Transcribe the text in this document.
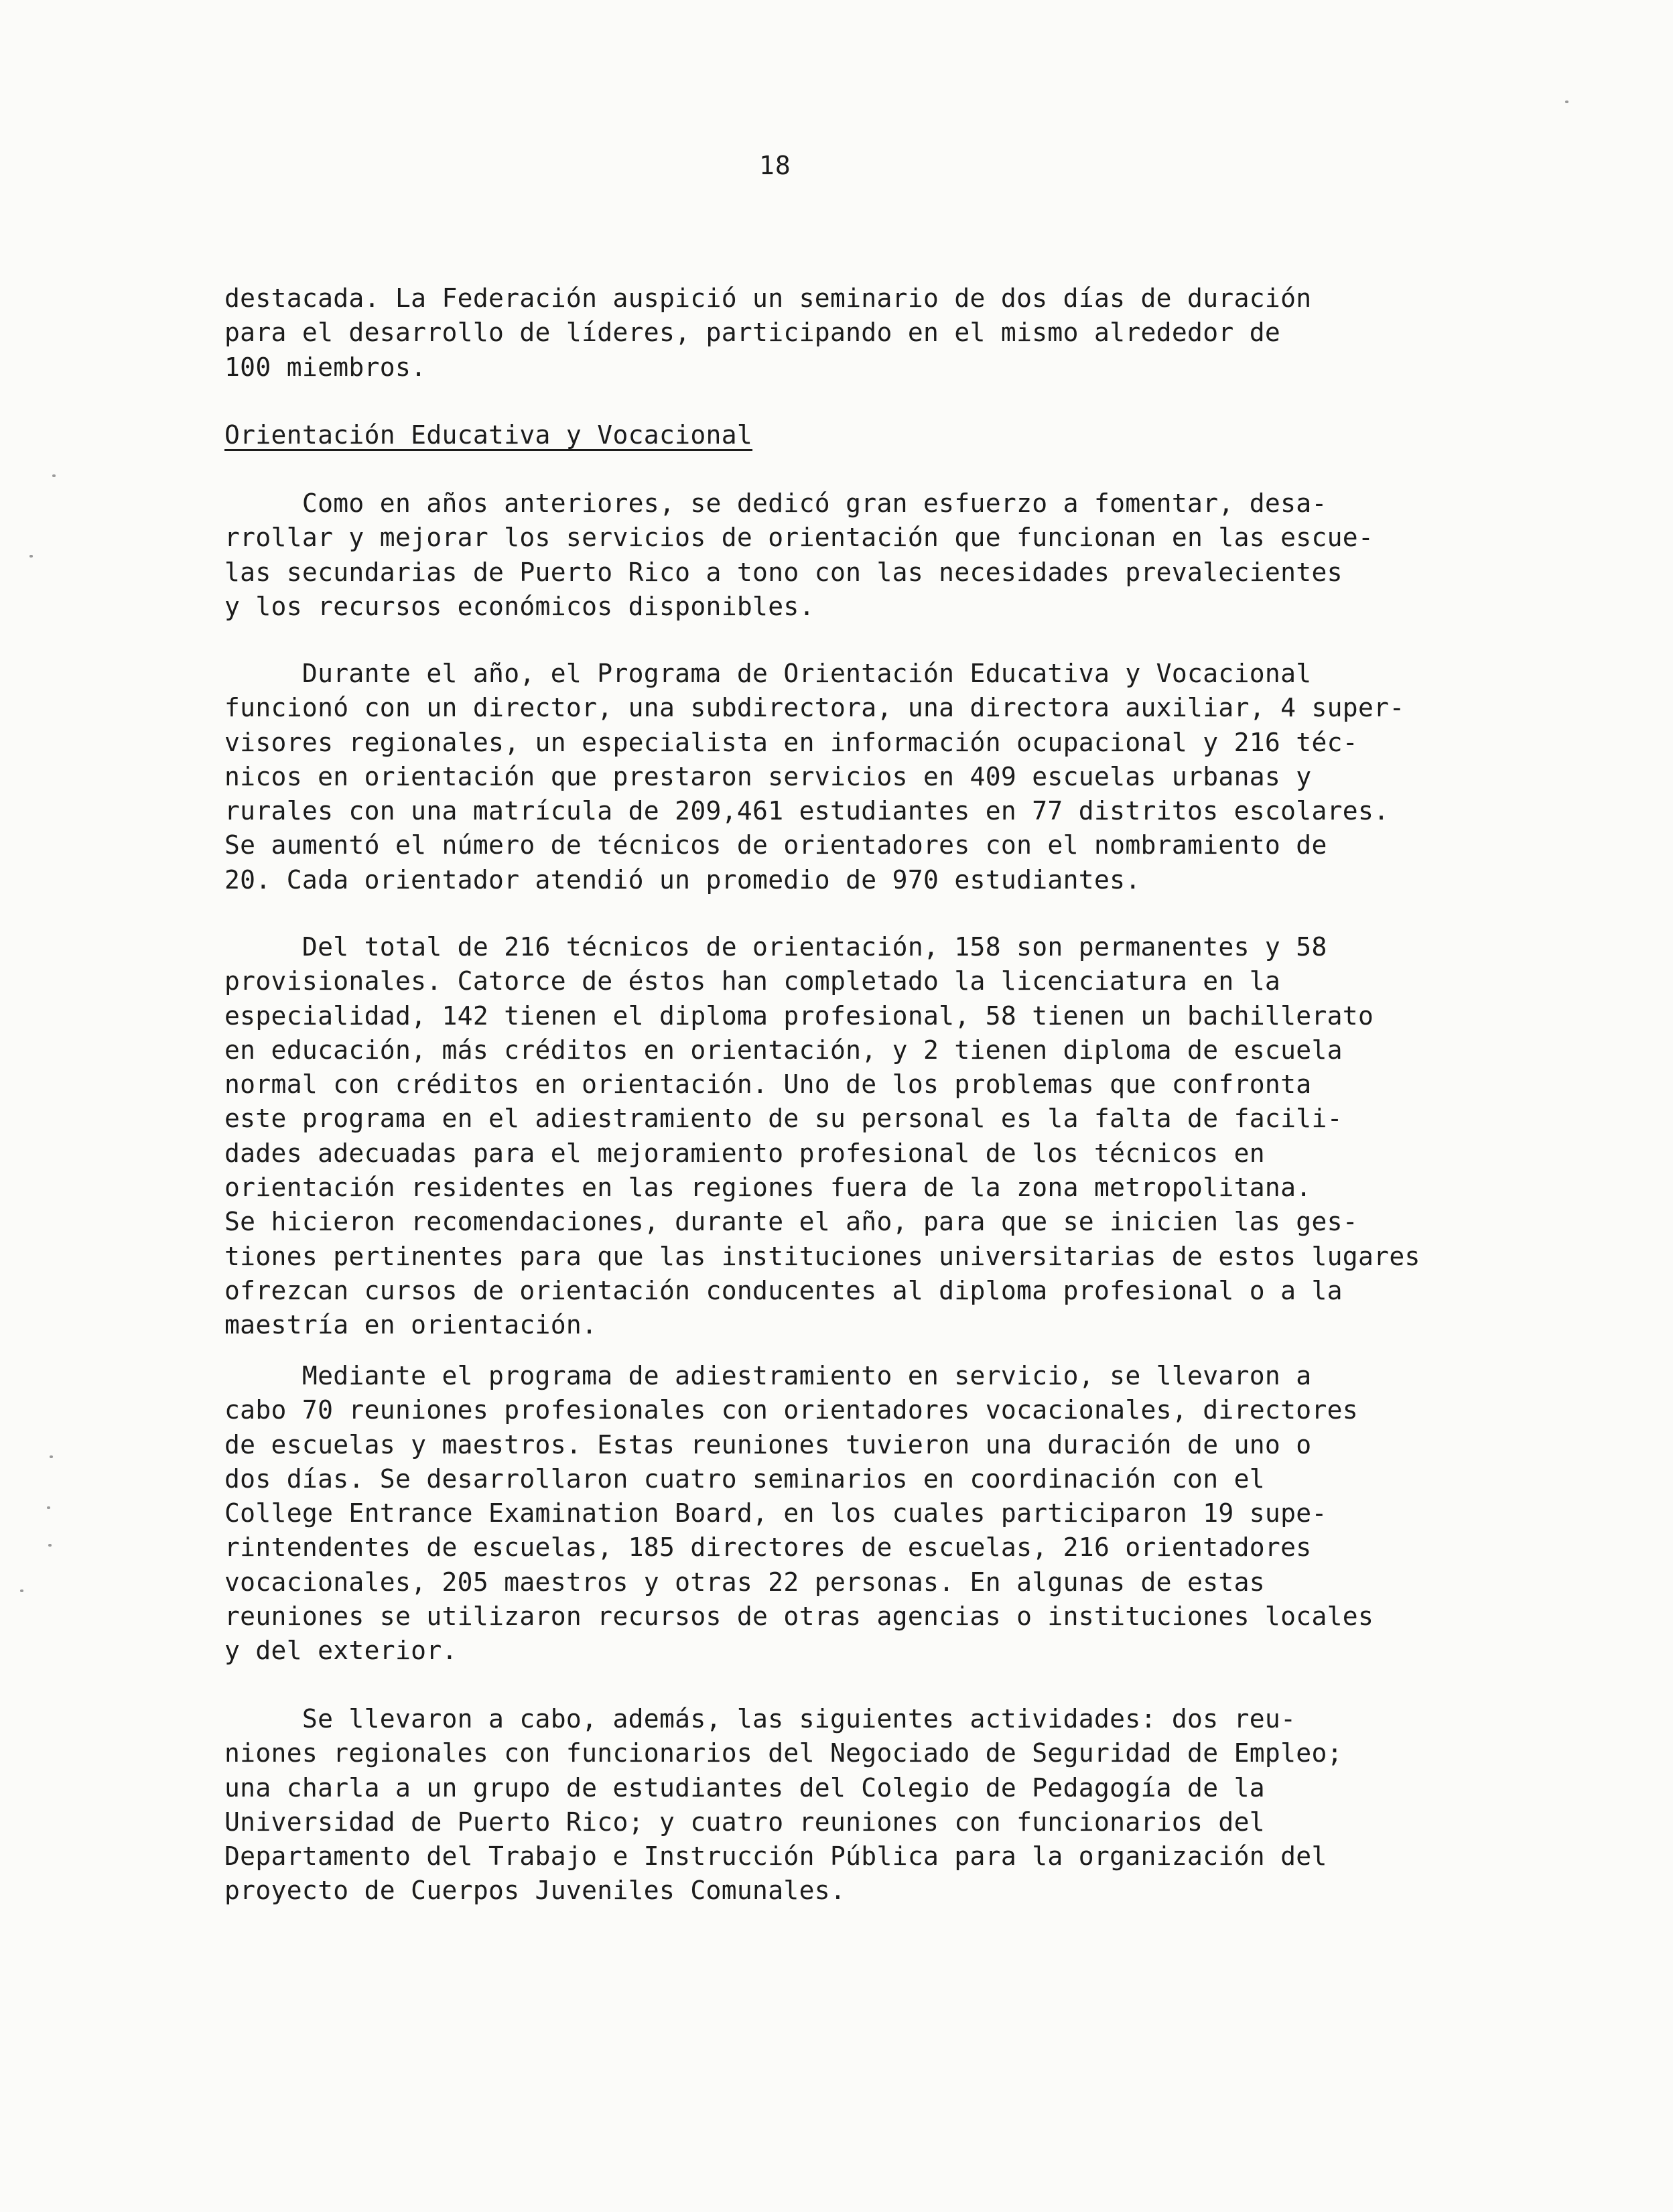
18

destacada. La Federación auspició un seminario de dos días de duración
para el desarrollo de líderes, participando en el mismo alrededor de
100 miembros.

Orientación Educativa y Vocacional

Como en años anteriores, se dedicó gran esfuerzo a fomentar, desa-
rrollar y mejorar los servicios de orientación que funcionan en las escue-
las secundarias de Puerto Rico a tono con las necesidades prevalecientes
y los recursos económicos disponibles.

Durante el año, el Programa de Orientación Educativa y Vocacional
funcionó con un director, una subdirectora, una directora auxiliar, 4 super-
visores regionales, un especialista en información ocupacional y 216 téc-
nicos en orientación que prestaron servicios en 409 escuelas urbanas y
rurales con una matrícula de 209,461 estudiantes en 77 distritos escolares.
Se aumentó el número de técnicos de orientadores con el nombramiento de
20. Cada orientador atendió un promedio de 970 estudiantes.

Del total de 216 técnicos de orientación, 158 son permanentes y 58
provisionales. Catorce de éstos han completado la licenciatura en la
especialidad, 142 tienen el diploma profesional, 58 tienen un bachillerato
en educación, más créditos en orientación, y 2 tienen diploma de escuela
normal con créditos en orientación. Uno de los problemas que confronta
este programa en el adiestramiento de su personal es la falta de facili-
dades adecuadas para el mejoramiento profesional de los técnicos en
orientación residentes en las regiones fuera de la zona metropolitana.
Se hicieron recomendaciones, durante el año, para que se inicien las ges-
tiones pertinentes para que las instituciones universitarias de estos lugares
ofrezcan cursos de orientación conducentes al diploma profesional o a la
maestría en orientación.

Mediante el programa de adiestramiento en servicio, se llevaron a
cabo 70 reuniones profesionales con orientadores vocacionales, directores
de escuelas y maestros. Estas reuniones tuvieron una duración de uno o
dos días. Se desarrollaron cuatro seminarios en coordinación con el
College Entrance Examination Board, en los cuales participaron 19 supe-
rintendentes de escuelas, 185 directores de escuelas, 216 orientadores
vocacionales, 205 maestros y otras 22 personas. En algunas de estas
reuniones se utilizaron recursos de otras agencias o instituciones locales
y del exterior.

Se llevaron a cabo, además, las siguientes actividades: dos reu-
niones regionales con funcionarios del Negociado de Seguridad de Empleo;
una charla a un grupo de estudiantes del Colegio de Pedagogía de la
Universidad de Puerto Rico; y cuatro reuniones con funcionarios del
Departamento del Trabajo e Instrucción Pública para la organización del
proyecto de Cuerpos Juveniles Comunales.
